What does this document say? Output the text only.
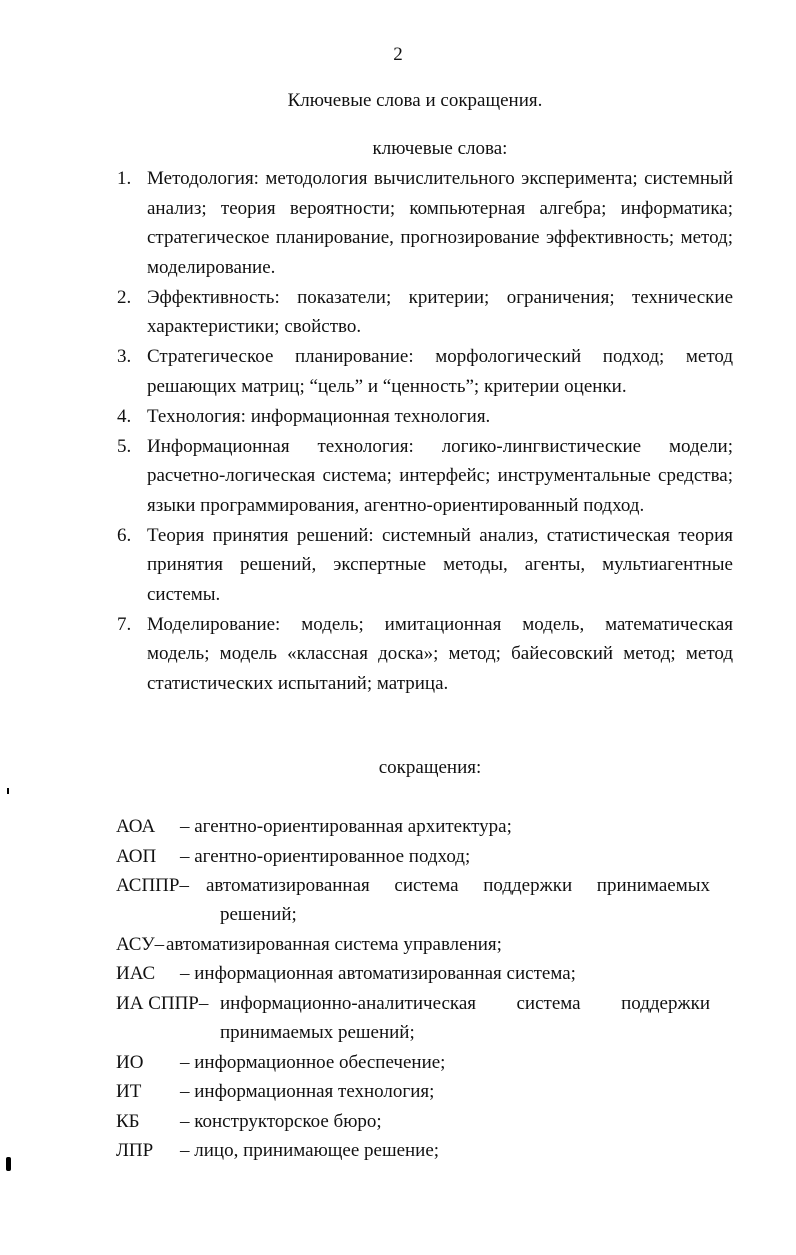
2
Ключевые слова и сокращения.
ключевые слова:
1. Методология: методология вычислительного эксперимента; системный анализ; теория вероятности; компьютерная алгебра; информатика; стратегическое планирование, прогнозирование эффективность; метод; моделирование.
2. Эффективность: показатели; критерии; ограничения; технические характеристики; свойство.
3. Стратегическое планирование: морфологический подход; метод решающих матриц; “цель” и “ценность”; критерии оценки.
4. Технология: информационная технология.
5. Информационная технология: логико-лингвистические модели; расчетно-логическая система; интерфейс; инструментальные средства; языки программирования, агентно-ориентированный подход.
6. Теория принятия решений: системный анализ, статистическая теория принятия решений, экспертные методы, агенты, мультиагентные системы.
7. Моделирование: модель; имитационная модель, математическая модель; модель «классная доска»; метод; байесовский метод; метод статистических испытаний; матрица.
сокращения:
АОА	– агентно-ориентированная архитектура;
АОП	– агентно-ориентированное подход;
АСППР– автоматизированная система поддержки принимаемых
решений;
АСУ– автоматизированная система управления;
ИАС	– информационная автоматизированная система;
ИА СППР– информационно-аналитическая система поддержки
принимаемых решений;
ИО	– информационное обеспечение;
ИТ	– информационная технология;
КБ	– конструкторское бюро;
ЛПР	– лицо, принимающее решение;
